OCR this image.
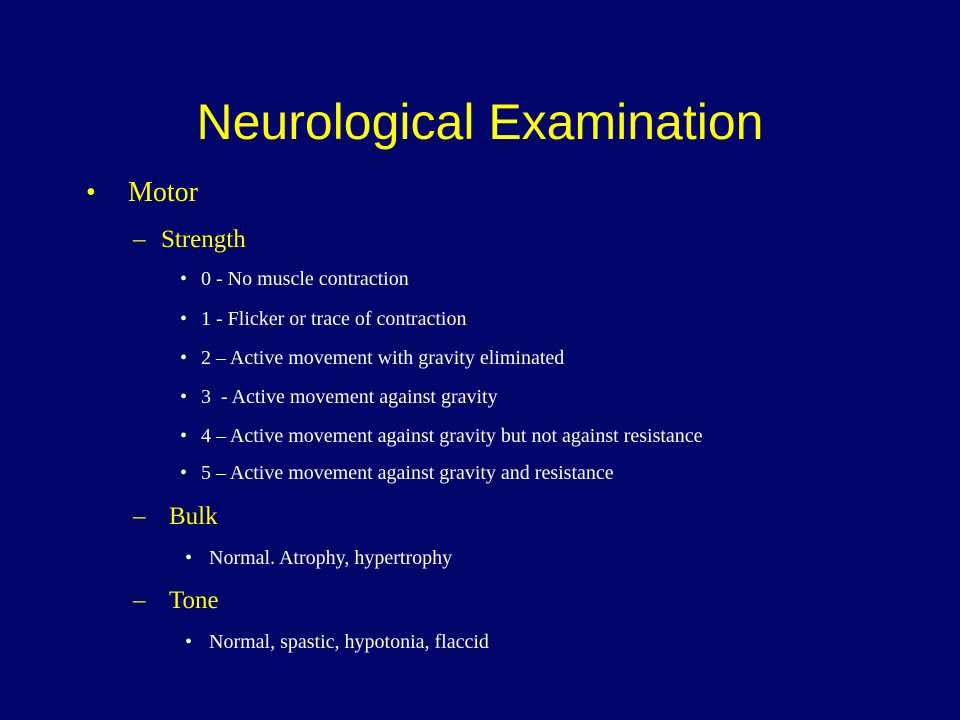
Neurological Examination
• Motor
– Strength
• 0 - No muscle contraction
• 1 - Flicker or trace of contraction
• 2 – Active movement with gravity eliminated
• 3  - Active movement against gravity
• 4 – Active movement against gravity but not against resistance
• 5 – Active movement against gravity and resistance
– Bulk
• Normal. Atrophy, hypertrophy
– Tone
• Normal, spastic, hypotonia, flaccid
